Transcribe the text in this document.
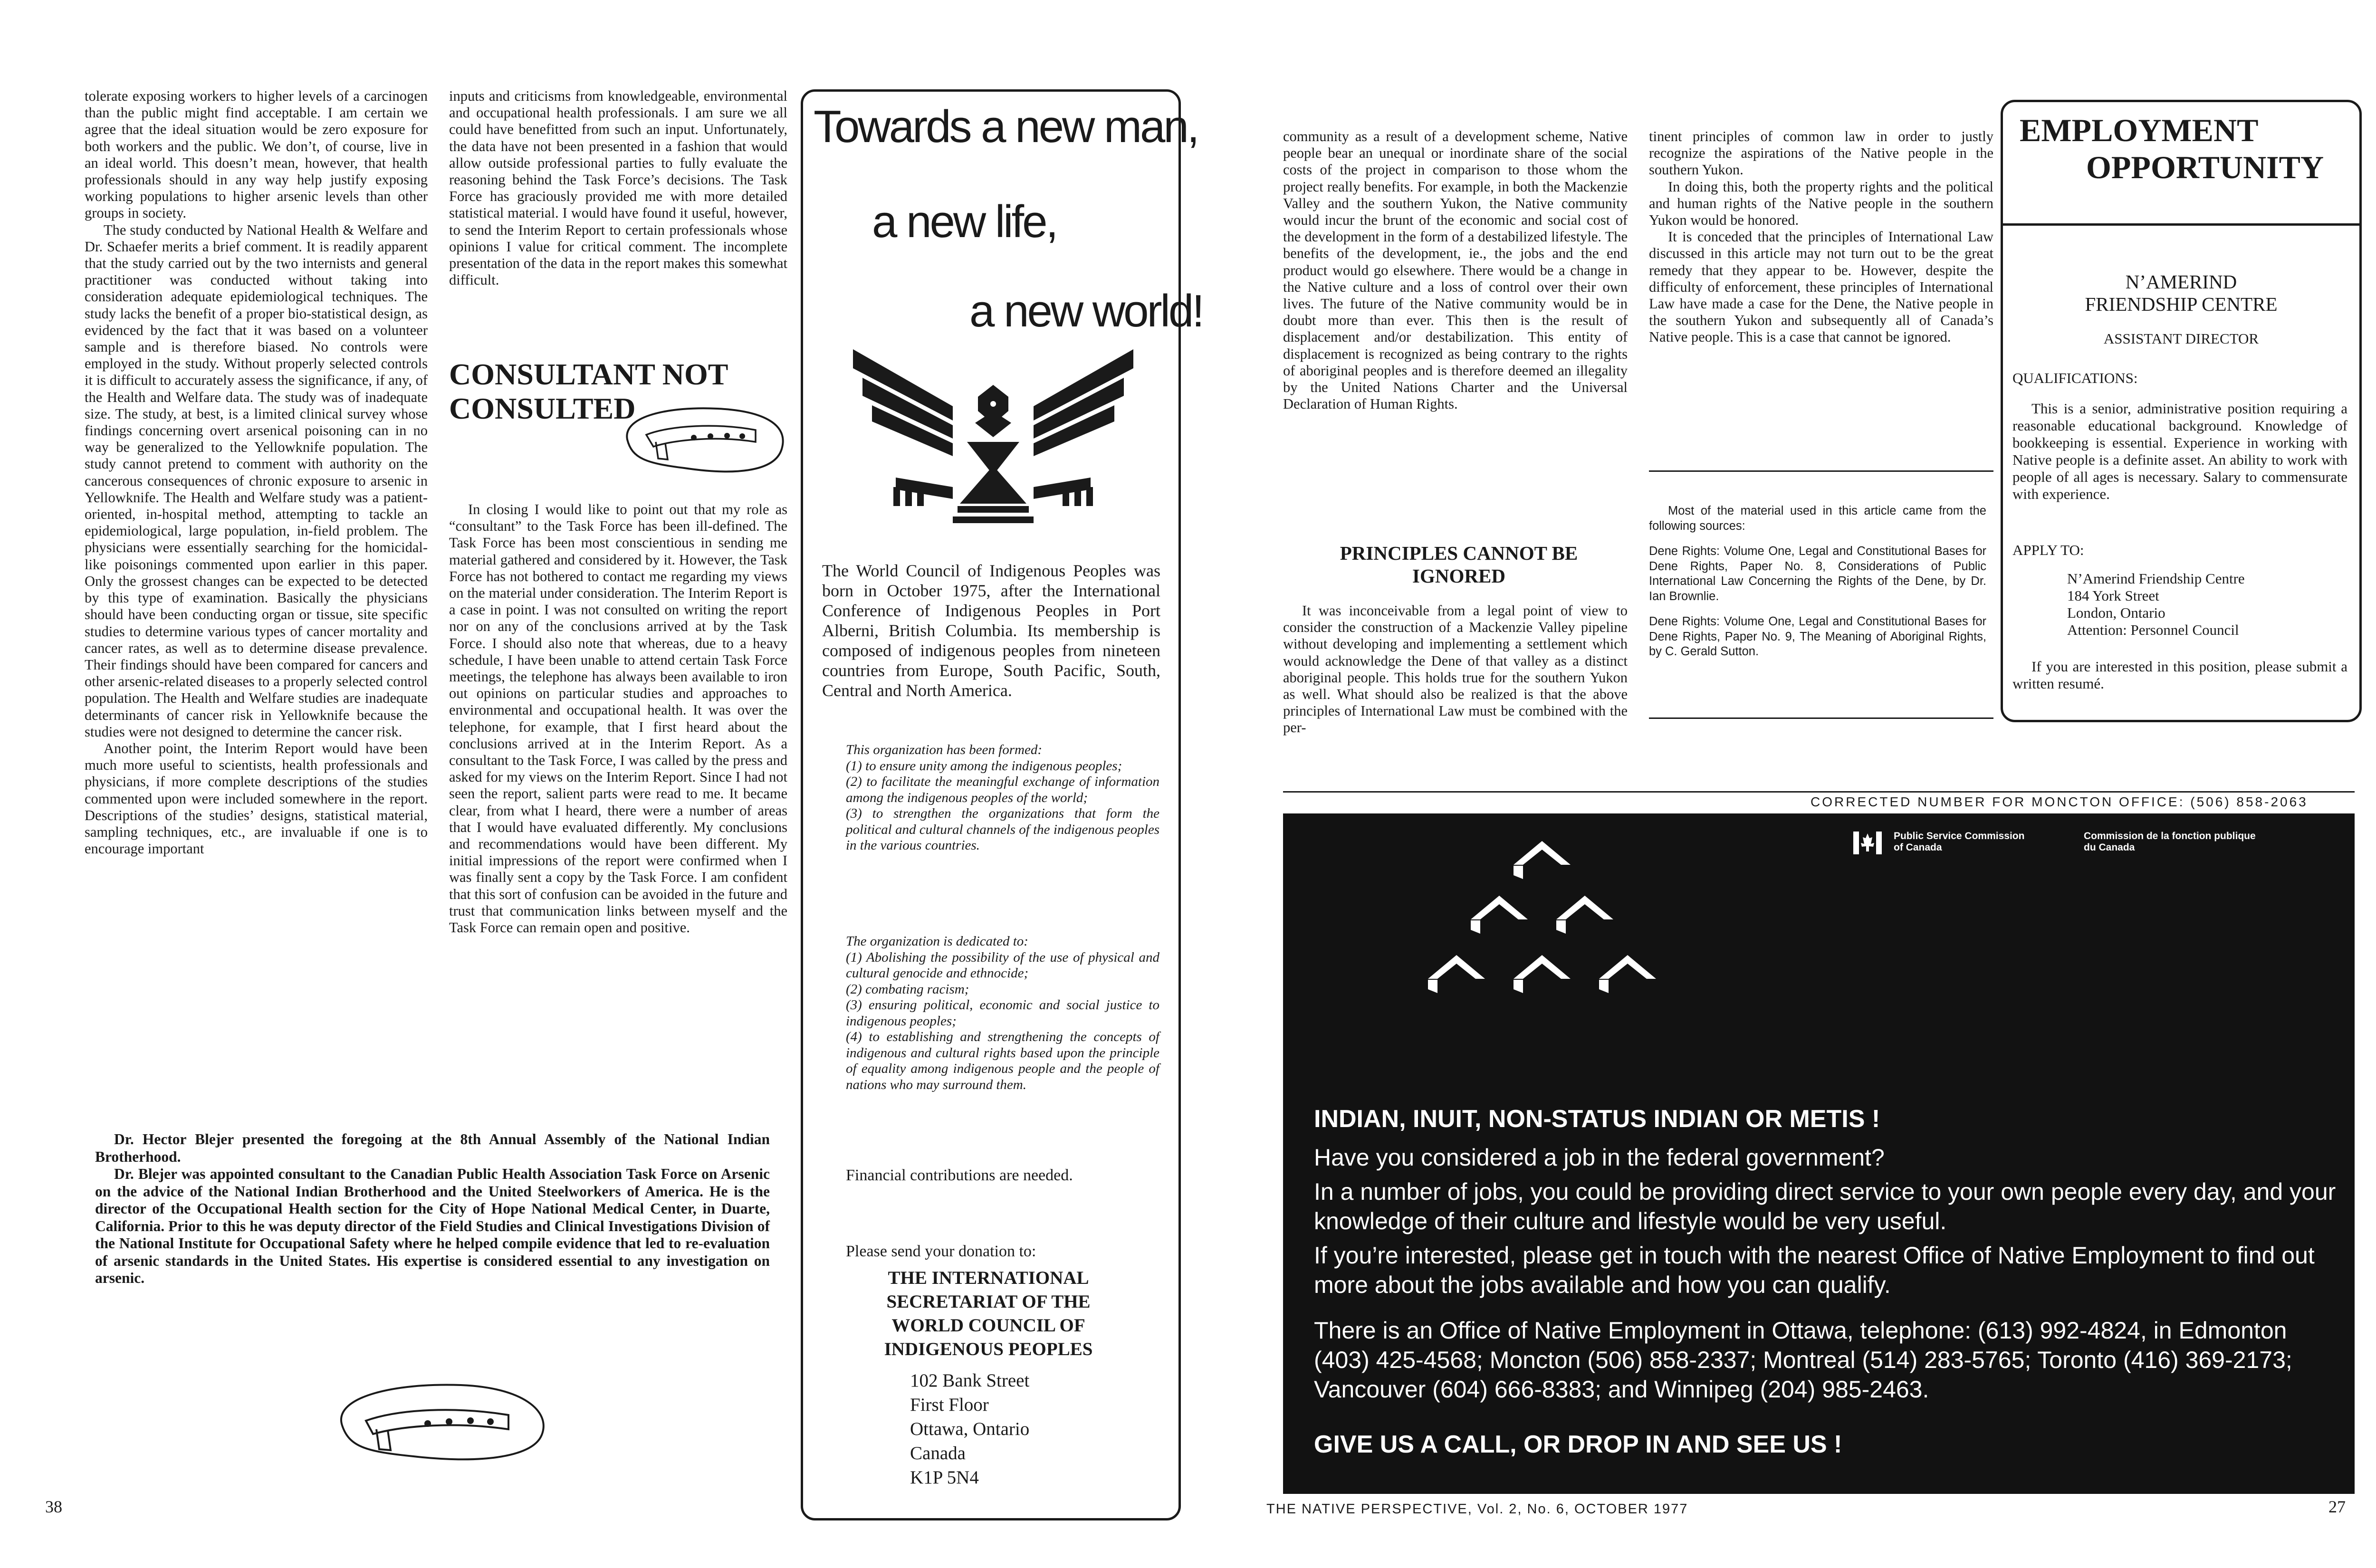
tolerate exposing workers to higher levels of a carcinogen than the public might find acceptable. I am certain we agree that the ideal situation would be zero exposure for both workers and the public. We don’t, of course, live in an ideal world. This doesn’t mean, however, that health professionals should in any way help justify exposing working populations to higher arsenic levels than other groups in society.

The study conducted by National Health & Welfare and Dr. Schaefer merits a brief comment. It is readily apparent that the study carried out by the two internists and general practitioner was conducted without taking into consideration adequate epidemiological techniques. The study lacks the benefit of a proper bio-statistical design, as evidenced by the fact that it was based on a volunteer sample and is therefore biased. No controls were employed in the study. Without properly selected controls it is difficult to accurately assess the significance, if any, of the Health and Welfare data. The study was of inadequate size. The study, at best, is a limited clinical survey whose findings concerning overt arsenical poisoning can in no way be generalized to the Yellowknife population. The study cannot pretend to comment with authority on the cancerous consequences of chronic exposure to arsenic in Yellowknife. The Health and Welfare study was a patient-oriented, in-hospital method, attempting to tackle an epidemiological, large population, in-field problem. The physicians were essentially searching for the homicidal-like poisonings commented upon earlier in this paper. Only the grossest changes can be expected to be detected by this type of examination. Basically the physicians should have been conducting organ or tissue, site specific studies to determine various types of cancer mortality and cancer rates, as well as to determine disease prevalence. Their findings should have been compared for cancers and other arsenic-related diseases to a properly selected control population. The Health and Welfare studies are inadequate determinants of cancer risk in Yellowknife because the studies were not designed to determine the cancer risk.

Another point, the Interim Report would have been much more useful to scientists, health professionals and physicians, if more complete descriptions of the studies commented upon were included somewhere in the report. Descriptions of the studies’ designs, statistical material, sampling techniques, etc., are invaluable if one is to encourage important

inputs and criticisms from knowledgeable, environmental and occupational health professionals. I am sure we all could have benefitted from such an input. Unfortunately, the data have not been presented in a fashion that would allow outside professional parties to fully evaluate the reasoning behind the Task Force’s decisions. The Task Force has graciously provided me with more detailed statistical material. I would have found it useful, however, to send the Interim Report to certain professionals whose opinions I value for critical comment. The incomplete presentation of the data in the report makes this somewhat difficult.

CONSULTANT NOT CONSULTED

In closing I would like to point out that my role as “consultant” to the Task Force has been ill-defined. The Task Force has been most conscientious in sending me material gathered and considered by it. However, the Task Force has not bothered to contact me regarding my views on the material under consideration. The Interim Report is a case in point. I was not consulted on writing the report nor on any of the conclusions arrived at by the Task Force. I should also note that whereas, due to a heavy schedule, I have been unable to attend certain Task Force meetings, the telephone has always been available to iron out opinions on particular studies and approaches to environmental and occupational health. It was over the telephone, for example, that I first heard about the conclusions arrived at in the Interim Report. As a consultant to the Task Force, I was called by the press and asked for my views on the Interim Report. Since I had not seen the report, salient parts were read to me. It became clear, from what I heard, there were a number of areas that I would have evaluated differently. My conclusions and recommendations would have been different. My initial impressions of the report were confirmed when I was finally sent a copy by the Task Force. I am confident that this sort of confusion can be avoided in the future and trust that communication links between myself and the Task Force can remain open and positive.

Dr. Hector Blejer presented the foregoing at the 8th Annual Assembly of the National Indian Brotherhood.

Dr. Blejer was appointed consultant to the Canadian Public Health Association Task Force on Arsenic on the advice of the National Indian Brotherhood and the United Steelworkers of America. He is the director of the Occupational Health section for the City of Hope National Medical Center, in Duarte, California. Prior to this he was deputy director of the Field Studies and Clinical Investigations Division of the National Institute for Occupational Safety where he helped compile evidence that led to re-evaluation of arsenic standards in the United States. His expertise is considered essential to any investigation on arsenic.

38
Towards a new man,
a new life,
a new world!
The World Council of Indigenous Peoples was born in October 1975, after the International Conference of Indigenous Peoples in Port Alberni, British Columbia. Its membership is composed of indigenous peoples from nineteen countries from Europe, South Pacific, South, Central and North America.

This organization has been formed:

(1) to ensure unity among the indigenous peoples;

(2) to facilitate the meaningful exchange of information among the indigenous peoples of the world;

(3) to strengthen the organizations that form the political and cultural channels of the indigenous peoples in the various countries.

The organization is dedicated to:

(1) Abolishing the possibility of the use of physical and cultural genocide and ethnocide;

(2) combating racism;

(3) ensuring political, economic and social justice to indigenous peoples;

(4) to establishing and strengthening the concepts of indigenous and cultural rights based upon the principle of equality among indigenous people and the people of nations who may surround them.

Financial contributions are needed.
Please send your donation to:
THE INTERNATIONAL
SECRETARIAT OF THE
WORLD COUNCIL OF
INDIGENOUS PEOPLES
102 Bank Street
First Floor
Ottawa, Ontario
Canada
K1P 5N4

community as a result of a development scheme, Native people bear an unequal or inordinate share of the social costs of the project in comparison to those whom the project really benefits. For example, in both the Mackenzie Valley and the southern Yukon, the Native community would incur the brunt of the economic and social cost of the development in the form of a destabilized lifestyle. The benefits of the development, ie., the jobs and the end product would go elsewhere. There would be a change in the Native culture and a loss of control over their own lives. The future of the Native community would be in doubt more than ever. This then is the result of displacement and/or destabilization. This entity of displacement is recognized as being contrary to the rights of aboriginal peoples and is therefore deemed an illegality by the United Nations Charter and the Universal Declaration of Human Rights.

PRINCIPLES CANNOT BE IGNORED

It was inconceivable from a legal point of view to consider the construction of a Mackenzie Valley pipeline without developing and implementing a settlement which would acknowledge the Dene of that valley as a distinct aboriginal people. This holds true for the southern Yukon as well. What should also be realized is that the above principles of International Law must be combined with the per-

tinent principles of common law in order to justly recognize the aspirations of the Native people in the southern Yukon.

In doing this, both the property rights and the political and human rights of the Native people in the southern Yukon would be honored.

It is conceded that the principles of International Law discussed in this article may not turn out to be the great remedy that they appear to be. However, despite the difficulty of enforcement, these principles of International Law have made a case for the Dene, the Native people in the southern Yukon and subsequently all of Canada’s Native people. This is a case that cannot be ignored.

Most of the material used in this article came from the following sources:

Dene Rights: Volume One, Legal and Constitutional Bases for Dene Rights, Paper No. 8, Considerations of Public International Law Concerning the Rights of the Dene, by Dr. Ian Brownlie.

Dene Rights: Volume One, Legal and Constitutional Bases for Dene Rights, Paper No. 9, The Meaning of Aboriginal Rights, by C. Gerald Sutton.

EMPLOYMENT
OPPORTUNITY
N’AMERIND
FRIENDSHIP CENTRE
ASSISTANT DIRECTOR
QUALIFICATIONS:

This is a senior, administrative position requiring a reasonable educational background. Knowledge of bookkeeping is essential. Experience in working with Native people is a definite asset. An ability to work with people of all ages is necessary. Salary to commensurate with experience.

APPLY TO:
N’Amerind Friendship Centre
184 York Street
London, Ontario
Attention: Personnel Council

If you are interested in this position, please submit a written resumé.

CORRECTED NUMBER FOR MONCTON OFFICE: (506) 858-2063
Public Service Commission
of Canada
Commission de la fonction publique
du Canada
INDIAN, INUIT, NON-STATUS INDIAN OR METIS !
Have you considered a job in the federal government?
In a number of jobs, you could be providing direct service to your own people every day, and your knowledge of their culture and lifestyle would be very useful.
If you’re interested, please get in touch with the nearest Office of Native Employment to find out more about the jobs available and how you can qualify.
There is an Office of Native Employment in Ottawa, telephone: (613) 992-4824, in Edmonton (403) 425-4568; Moncton (506) 858-2337; Montreal (514) 283-5765; Toronto (416) 369-2173; Vancouver (604) 666-8383; and Winnipeg (204) 985-2463.
GIVE US A CALL, OR DROP IN AND SEE US !
THE NATIVE PERSPECTIVE, Vol. 2, No. 6, OCTOBER 1977	27
